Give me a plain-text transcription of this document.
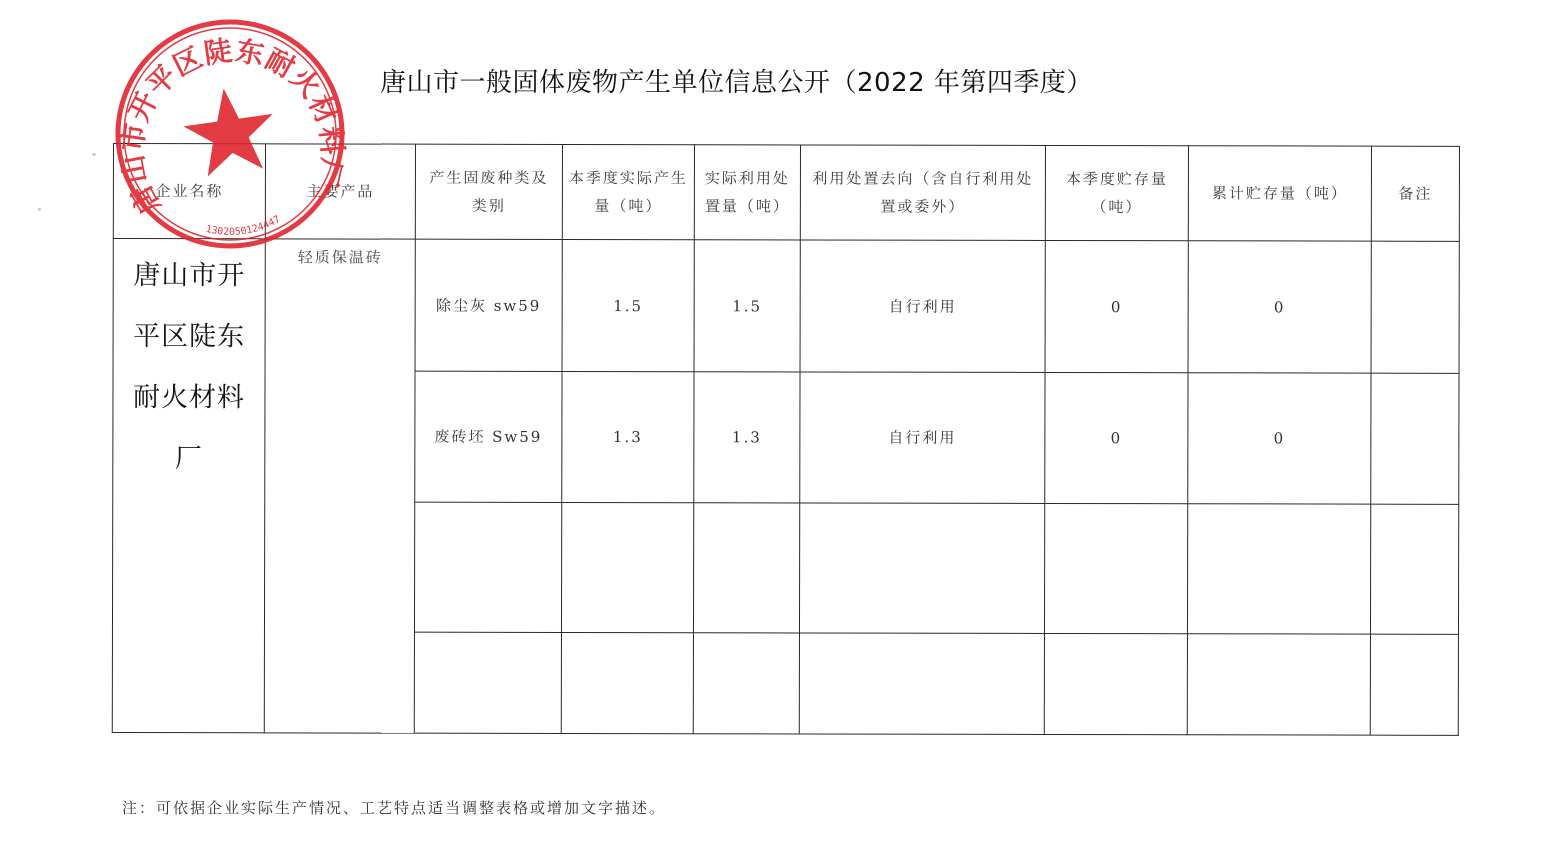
唐山市一般固体废物产生单位信息公开（2022 年第四季度）
企业名称	主要产品	产生固废种类及类别	本季度实际产生量（吨）	实际利用处置量（吨）	利用处置去向（含自行利用处置或委外）	本季度贮存量（吨）	累计贮存量（吨）	备注

唐山市开
平区陡东
耐火材料
厂	轻质保温砖	除尘灰 sw59	1.5	1.5	自行利用	0	0	
		废砖坯 Sw59	1.3	1.3	自行利用	0	0	

唐山市开平区陡东耐火材料厂
1302050124447
注：可依据企业实际生产情况、工艺特点适当调整表格或增加文字描述。
